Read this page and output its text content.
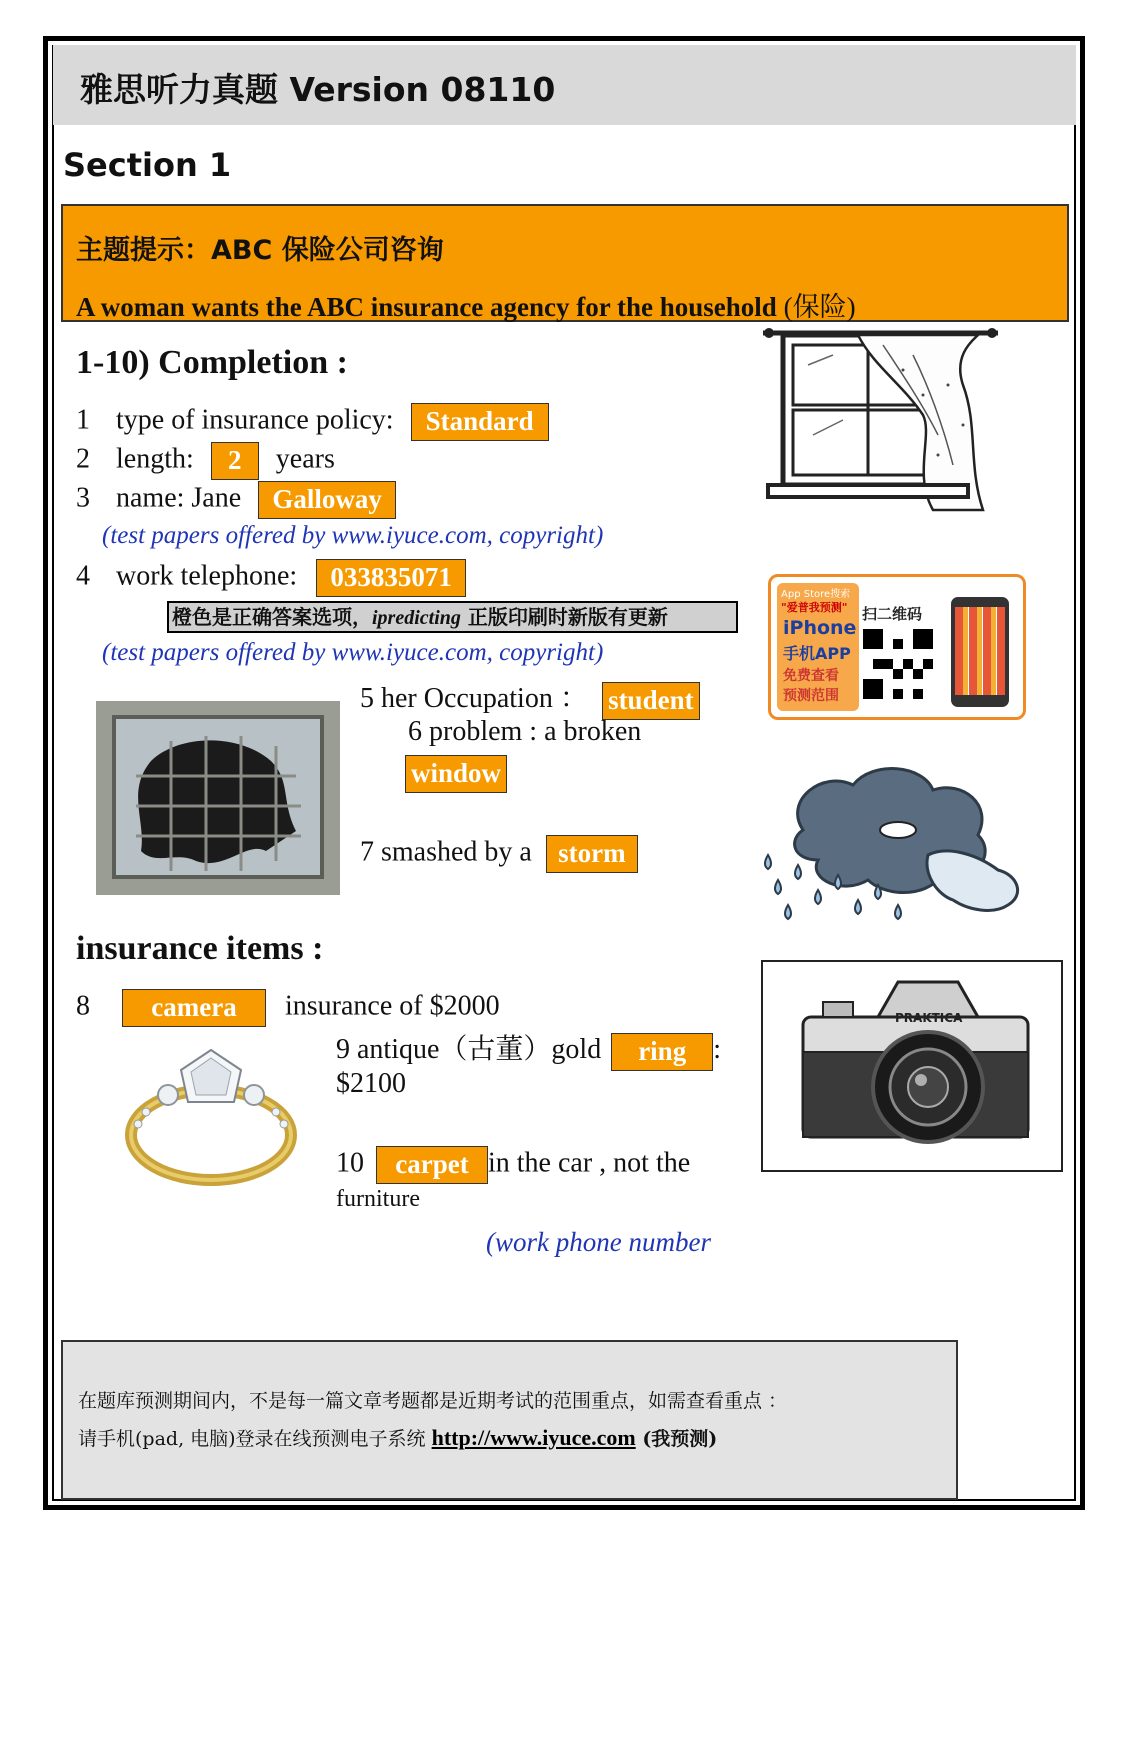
雅思听力真题 Version 08110
Section 1
主题提示：ABC 保险公司咨询
A woman wants the ABC insurance agency for the household (保险)
1-10) Completion :
1 type of insurance policy: Standard
2 length: 2 years
3 name: Jane Galloway
(test papers offered by www.iyuce.com, copyright)
4 work telephone: 033835071
橙色是正确答案选项，ipredicting 正版印刷时新版有更新
(test papers offered by www.iyuce.com, copyright)
5 her Occupation ： student
6 problem : a broken
window
7 smashed by a storm
insurance items :
8 camera insurance of $2000
9 antique（古董）gold ring :
$2100
10 carpet in the car , not the
furniture
(work phone number
App Store搜索
"爱普我预测"
iPhone
手机APP
免费查看
预测范围
扫二维码
PRAKTICA
在题库预测期间内，不是每一篇文章考题都是近期考试的范围重点，如需查看重点 ：
请手机(pad, 电脑)登录在线预测电子系统 http://www.iyuce.com (我预测)
